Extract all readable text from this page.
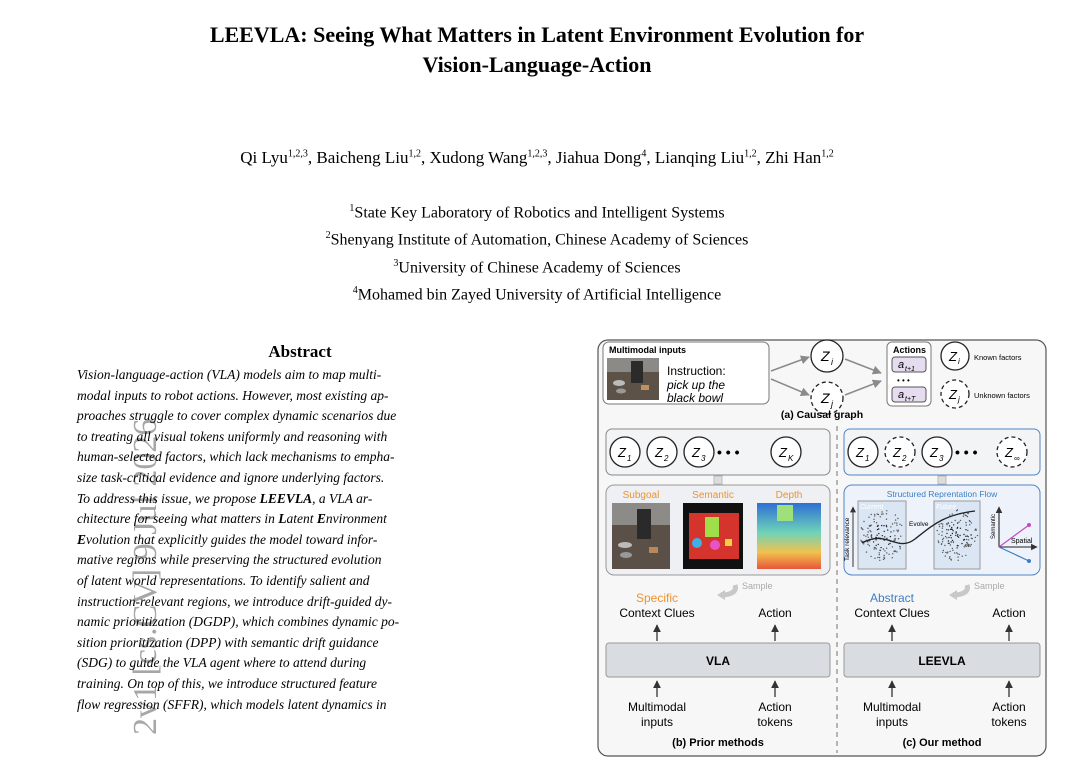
LEEVLA: Seeing What Matters in Latent Environment Evolution for
Vision-Language-Action
Qi Lyu$^{1,2,3}$, Baicheng Liu$^{1,2}$, Xudong Wang$^{1,2,3}$, Jiahua Dong$^4$, Lianqing Liu$^{1,2}$, Zhi Han$^{1,2}$
$^1$State Key Laboratory of Robotics and Intelligent Systems
$^2$Shenyang Institute of Automation, Chinese Academy of Sciences
$^3$University of Chinese Academy of Sciences
$^4$Mohamed bin Zayed University of Artificial Intelligence
2v1 [cs.CV] 9 Jul 2026
Abstract
Vision-language-action (VLA) models aim to map multi-
modal inputs to robot actions. However, most existing ap-
proaches struggle to cover complex dynamic scenarios due
to treating all visual tokens uniformly and reasoning with
human-selected factors, which lack mechanisms to empha-
size task-critical evidence and ignore underlying factors.
To address this issue, we propose LEEVLA, a VLA ar-
chitecture for seeing what matters in Latent Environment
Evolution that explicitly guides the model toward infor-
mative regions while preserving the structured evolution
of latent world representations. To identify salient and
instruction-relevant regions, we introduce drift-guided dy-
namic prioritization (DGDP), which combines dynamic po-
sition prioritization (DPP) with semantic drift guidance
(SDG) to guide the VLA agent where to attend during
training. On top of this, we introduce structured feature
flow regression (SFFR), which models latent dynamics in
Multimodal inputs
Instruction:
pick up the
black bowl
Z i
Z j
Actions
a t+1
• • •
a t+T
Z i Known factors
Z j Unknown factors
(a) Causal graph
Z 1 Z 2 Z 3	Z K
• • •	Z 1 Z 2 Z 3	Z ∞
• • •
Subgoal	Semantic	Depth	Structured Reprentation Flow
Task relevance
Current	Future
Evolve	Semantic
Spatial
Sample	Sample
Specific
Context Clues	Action
Abstract
Context Clues	Action
VLA	LEEVLA
Multimodal
inputs
Action
tokens
Multimodal
inputs
Action
tokens
(b) Prior methods	(c) Our method
